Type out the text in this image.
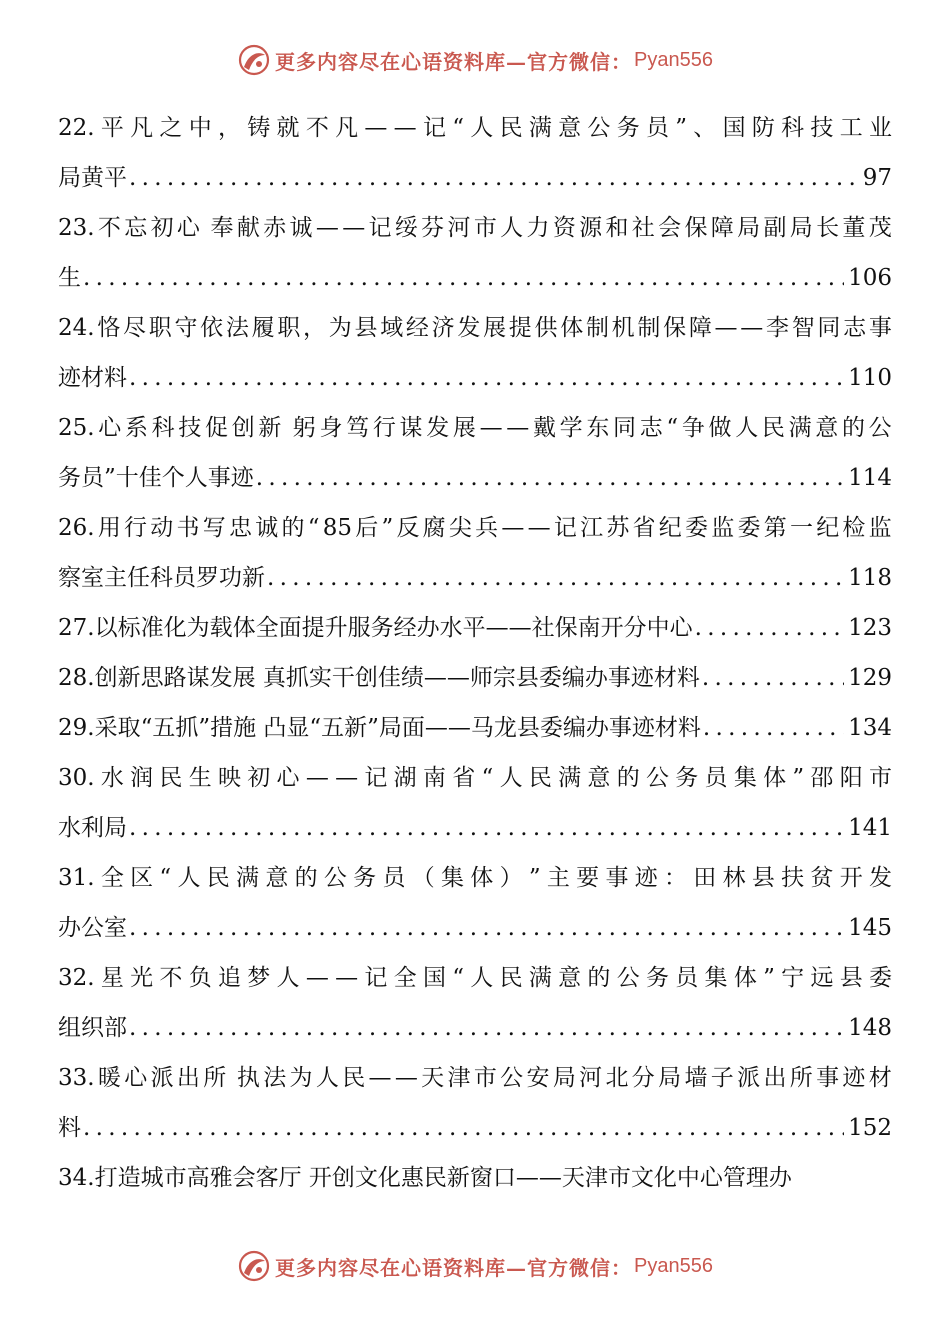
更多内容尽在心语资料库—官方微信： Pyan556
22. 平 凡 之 中 ， 铸 就 不 凡 — — 记 “ 人 民 满 意 公 务 员 ” 、 国 防 科 技 工 业
局黄平 . . .	97
23. 不 忘 初 心 奉 献 赤 诚 — — 记 绥 芬 河 市 人 力 资 源 和 社 会 保 障 局 副 局 长 董 茂
生 . . .	106
24. 恪 尽 职 守 依 法 履 职 ， 为 县 域 经 济 发 展 提 供 体 制 机 制 保 障 — — 李 智 同 志 事
迹材料 . . .	110
25. 心 系 科 技 促 创 新 躬 身 笃 行 谋 发 展 — — 戴 学 东 同 志 “ 争 做 人 民 满 意 的 公
务员”十佳个人事迹 . . .	114
26. 用 行 动 书 写 忠 诚 的 “ 85 后 ” 反 腐 尖 兵 — — 记 江 苏 省 纪 委 监 委 第 一 纪 检 监
察室主任科员罗功新 . . .	118
27.以标准化为载体全面提升服务经办水平——社保南开分中心 . . .	123
28.创新思路谋发展 真抓实干创佳绩——师宗县委编办事迹材料 . . .	129
29.采取“五抓”措施 凸显“五新”局面——马龙县委编办事迹材料 . . .	134
30. 水 润 民 生 映 初 心 — — 记 湖 南 省 “ 人 民 满 意 的 公 务 员 集 体 ” 邵 阳 市
水利局 . . .	141
31. 全 区 “ 人 民 满 意 的 公 务 员 （ 集 体 ） ” 主 要 事 迹 ： 田 林 县 扶 贫 开 发
办公室 . . .	145
32. 星 光 不 负 追 梦 人 — — 记 全 国 “ 人 民 满 意 的 公 务 员 集 体 ” 宁 远 县 委
组织部 . . .	148
33. 暖 心 派 出 所 执 法 为 人 民 — — 天 津 市 公 安 局 河 北 分 局 墙 子 派 出 所 事 迹 材
料 . . .	152
34.打造城市高雅会客厅 开创文化惠民新窗口——天津市文化中心管理办
更多内容尽在心语资料库—官方微信： Pyan556
